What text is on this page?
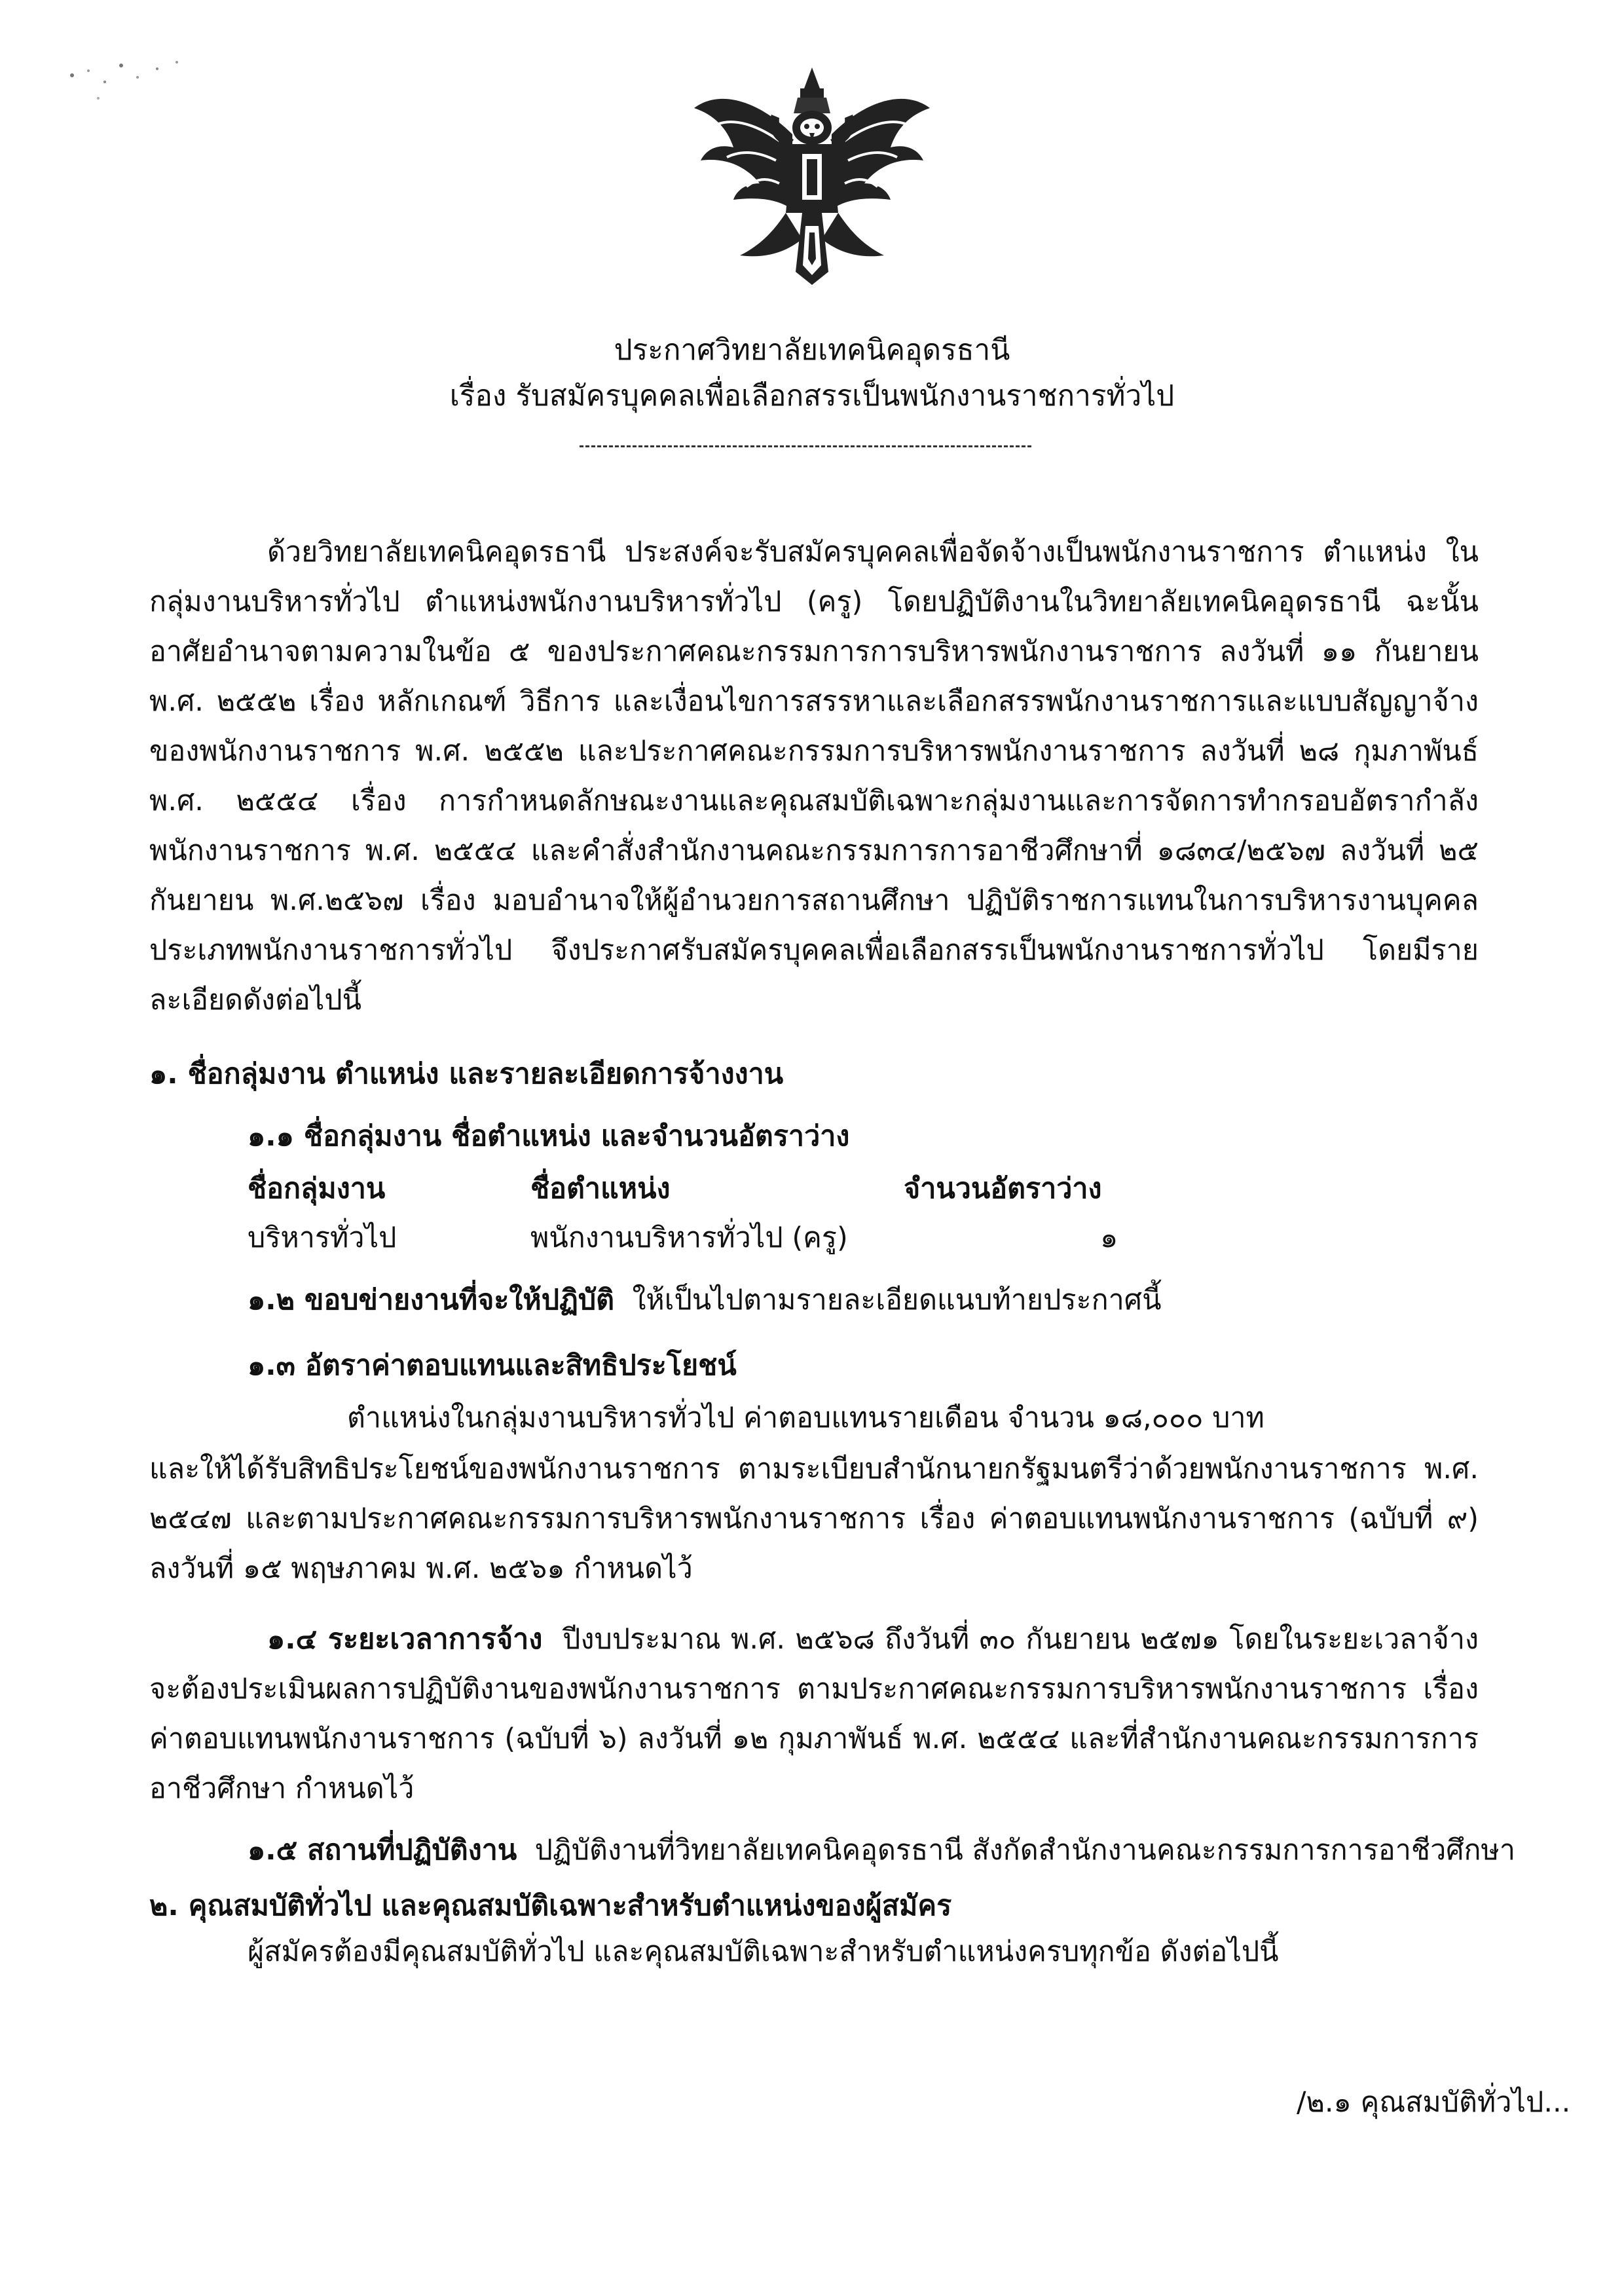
ประกาศวิทยาลัยเทคนิคอุดรธานี
เรื่อง รับสมัครบุคคลเพื่อเลือกสรรเป็นพนักงานราชการทั่วไป
ด้วยวิทยาลัยเทคนิคอุดรธานี ประสงค์จะรับสมัครบุคคลเพื่อจัดจ้างเป็นพนักงานราชการ ตำแหน่ง ในกลุ่มงานบริหารทั่วไป ตำแหน่งพนักงานบริหารทั่วไป (ครู) โดยปฏิบัติงานในวิทยาลัยเทคนิคอุดรธานี ฉะนั้น อาศัยอำนาจตามความในข้อ ๕ ของประกาศคณะกรรมการการบริหารพนักงานราชการ ลงวันที่ ๑๑ กันยายน พ.ศ. ๒๕๕๒ เรื่อง หลักเกณฑ์ วิธีการ และเงื่อนไขการสรรหาและเลือกสรรพนักงานราชการและแบบสัญญาจ้างของพนักงานราชการ พ.ศ. ๒๕๕๒ และประกาศคณะกรรมการบริหารพนักงานราชการ ลงวันที่ ๒๘ กุมภาพันธ์ พ.ศ. ๒๕๕๔ เรื่อง การกำหนดลักษณะงานและคุณสมบัติเฉพาะกลุ่มงานและการจัดการทำกรอบอัตรากำลังพนักงานราชการ พ.ศ. ๒๕๕๔ และคำสั่งสำนักงานคณะกรรมการการอาชีวศึกษาที่ ๑๘๓๔/๒๕๖๗ ลงวันที่ ๒๕ กันยายน พ.ศ.๒๕๖๗ เรื่อง มอบอำนาจให้ผู้อำนวยการสถานศึกษา ปฏิบัติราชการแทนในการบริหารงานบุคคล ประเภทพนักงานราชการทั่วไป จึงประกาศรับสมัครบุคคลเพื่อเลือกสรรเป็นพนักงานราชการทั่วไป โดยมีรายละเอียดดังต่อไปนี้
๑. ชื่อกลุ่มงาน ตำแหน่ง และรายละเอียดการจ้างงาน
๑.๑ ชื่อกลุ่มงาน ชื่อตำแหน่ง และจำนวนอัตราว่าง
ชื่อกลุ่มงาน	ชื่อตำแหน่ง	จำนวนอัตราว่าง
บริหารทั่วไป	พนักงานบริหารทั่วไป (ครู)	๑
๑.๒ ขอบข่ายงานที่จะให้ปฏิบัติ ให้เป็นไปตามรายละเอียดแนบท้ายประกาศนี้
๑.๓ อัตราค่าตอบแทนและสิทธิประโยชน์
ตำแหน่งในกลุ่มงานบริหารทั่วไป ค่าตอบแทนรายเดือน จำนวน ๑๘,๐๐๐ บาท
และให้ได้รับสิทธิประโยชน์ของพนักงานราชการ ตามระเบียบสำนักนายกรัฐมนตรีว่าด้วยพนักงานราชการ พ.ศ. ๒๕๔๗ และตามประกาศคณะกรรมการบริหารพนักงานราชการ เรื่อง ค่าตอบแทนพนักงานราชการ (ฉบับที่ ๙) ลงวันที่ ๑๕ พฤษภาคม พ.ศ. ๒๕๖๑ กำหนดไว้
๑.๔ ระยะเวลาการจ้าง ปีงบประมาณ พ.ศ. ๒๕๖๘ ถึงวันที่ ๓๐ กันยายน ๒๕๗๑ โดยในระยะเวลาจ้าง จะต้องประเมินผลการปฏิบัติงานของพนักงานราชการ ตามประกาศคณะกรรมการบริหารพนักงานราชการ เรื่อง ค่าตอบแทนพนักงานราชการ (ฉบับที่ ๖) ลงวันที่ ๑๒ กุมภาพันธ์ พ.ศ. ๒๕๕๔ และที่สำนักงานคณะกรรมการการอาชีวศึกษา กำหนดไว้
๑.๕ สถานที่ปฏิบัติงาน ปฏิบัติงานที่วิทยาลัยเทคนิคอุดรธานี สังกัดสำนักงานคณะกรรมการการอาชีวศึกษา
๒. คุณสมบัติทั่วไป และคุณสมบัติเฉพาะสำหรับตำแหน่งของผู้สมัคร
ผู้สมัครต้องมีคุณสมบัติทั่วไป และคุณสมบัติเฉพาะสำหรับตำแหน่งครบทุกข้อ ดังต่อไปนี้
/๒.๑ คุณสมบัติทั่วไป...
